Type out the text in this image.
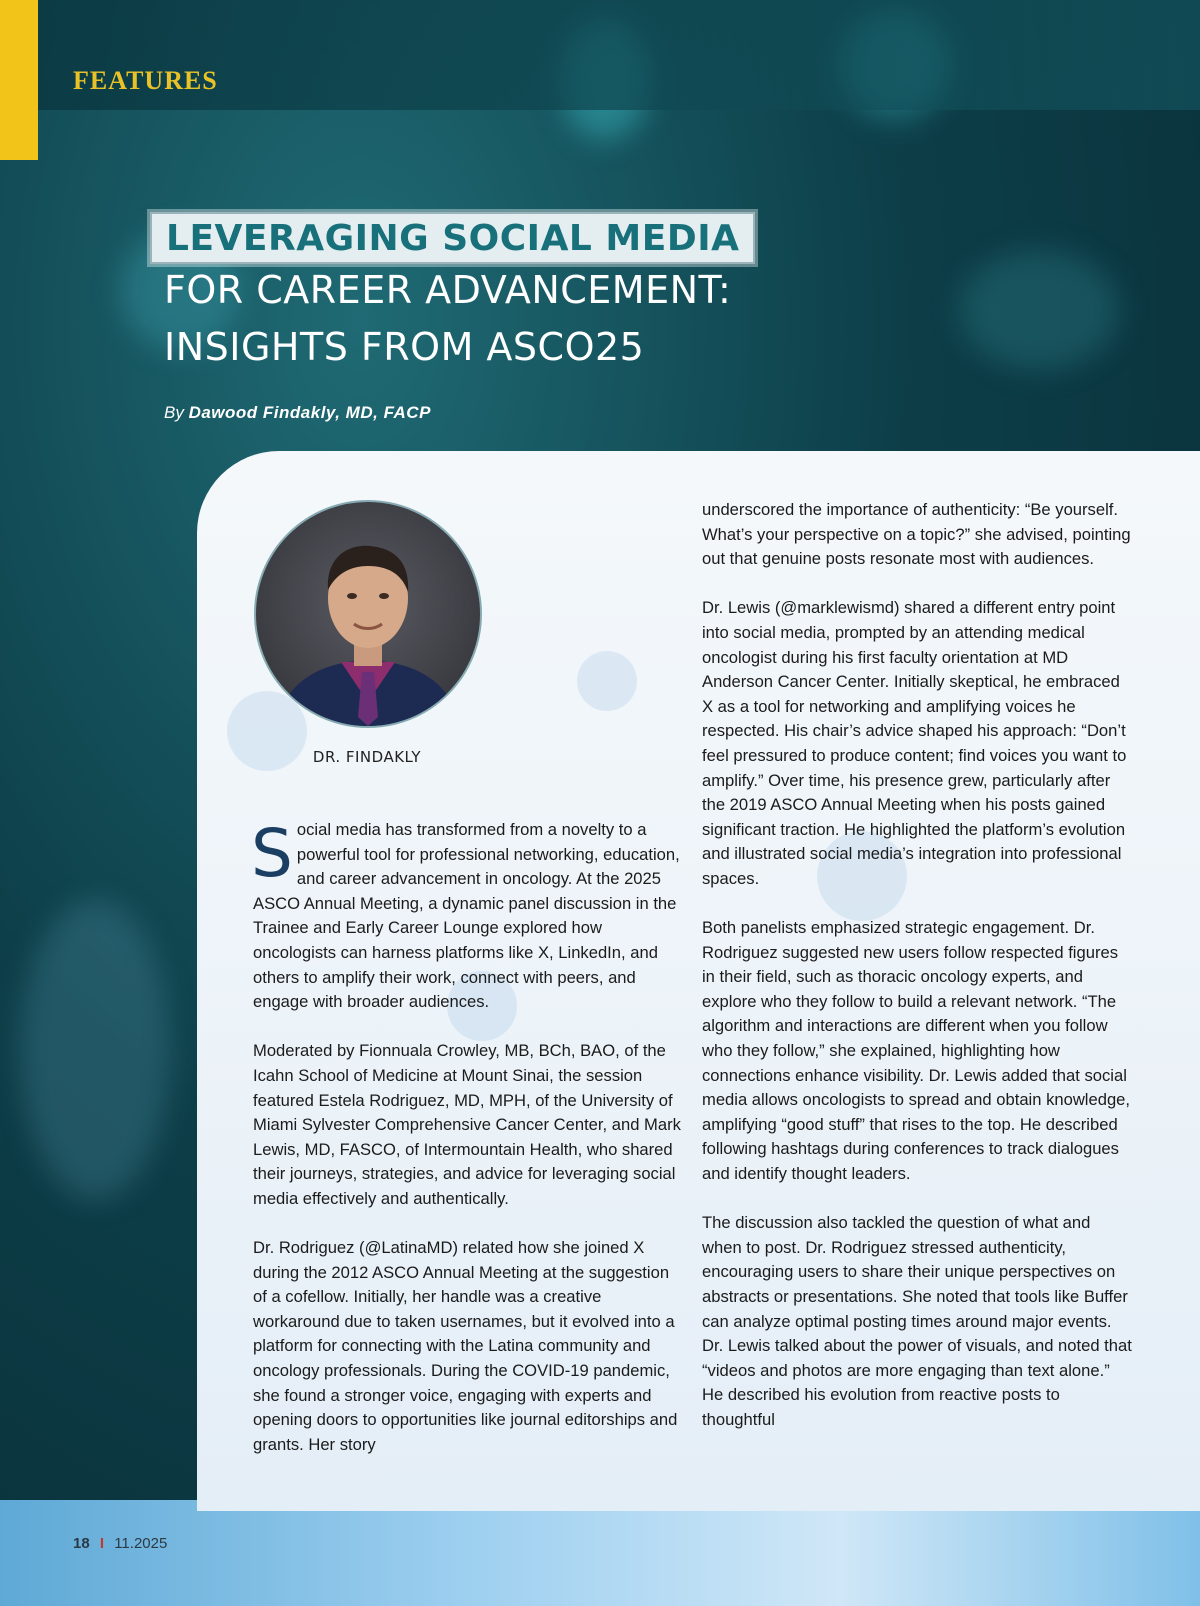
FEATURES
LEVERAGING SOCIAL MEDIA
FOR CAREER ADVANCEMENT:
INSIGHTS FROM ASCO25
By Dawood Findakly, MD, FACP
DR. FINDAKLY

Social media has transformed from a novelty to a powerful tool for professional networking, education, and career advancement in oncology. At the 2025 ASCO Annual Meeting, a dynamic panel discussion in the Trainee and Early Career Lounge explored how oncologists can harness platforms like X, LinkedIn, and others to amplify their work, connect with peers, and engage with broader audiences.

Moderated by Fionnuala Crowley, MB, BCh, BAO, of the Icahn School of Medicine at Mount Sinai, the session featured Estela Rodriguez, MD, MPH, of the University of Miami Sylvester Comprehensive Cancer Center, and Mark Lewis, MD, FASCO, of Intermountain Health, who shared their journeys, strategies, and advice for leveraging social media effectively and authentically.

Dr. Rodriguez (@LatinaMD) related how she joined X during the 2012 ASCO Annual Meeting at the suggestion of a cofellow. Initially, her handle was a creative workaround due to taken usernames, but it evolved into a platform for connecting with the Latina community and oncology professionals. During the COVID-19 pandemic, she found a stronger voice, engaging with experts and opening doors to opportunities like journal editorships and grants. Her story

underscored the importance of authenticity: “Be yourself. What’s your perspective on a topic?” she advised, pointing out that genuine posts resonate most with audiences.

Dr. Lewis (@marklewismd) shared a different entry point into social media, prompted by an attending medical oncologist during his first faculty orientation at MD Anderson Cancer Center. Initially skeptical, he embraced X as a tool for networking and amplifying voices he respected. His chair’s advice shaped his approach: “Don’t feel pressured to produce content; find voices you want to amplify.” Over time, his presence grew, particularly after the 2019 ASCO Annual Meeting when his posts gained significant traction. He highlighted the platform’s evolution and illustrated social media’s integration into professional spaces.

Both panelists emphasized strategic engagement. Dr. Rodriguez suggested new users follow respected figures in their field, such as thoracic oncology experts, and explore who they follow to build a relevant network. “The algorithm and interactions are different when you follow who they follow,” she explained, highlighting how connections enhance visibility. Dr. Lewis added that social media allows oncologists to spread and obtain knowledge, amplifying “good stuff” that rises to the top. He described following hashtags during conferences to track dialogues and identify thought leaders.

The discussion also tackled the question of what and when to post. Dr. Rodriguez stressed authenticity, encouraging users to share their unique perspectives on abstracts or presentations. She noted that tools like Buffer can analyze optimal posting times around major events. Dr. Lewis talked about the power of visuals, and noted that “videos and photos are more engaging than text alone.” He described his evolution from reactive posts to thoughtful

18 I 11.2025
